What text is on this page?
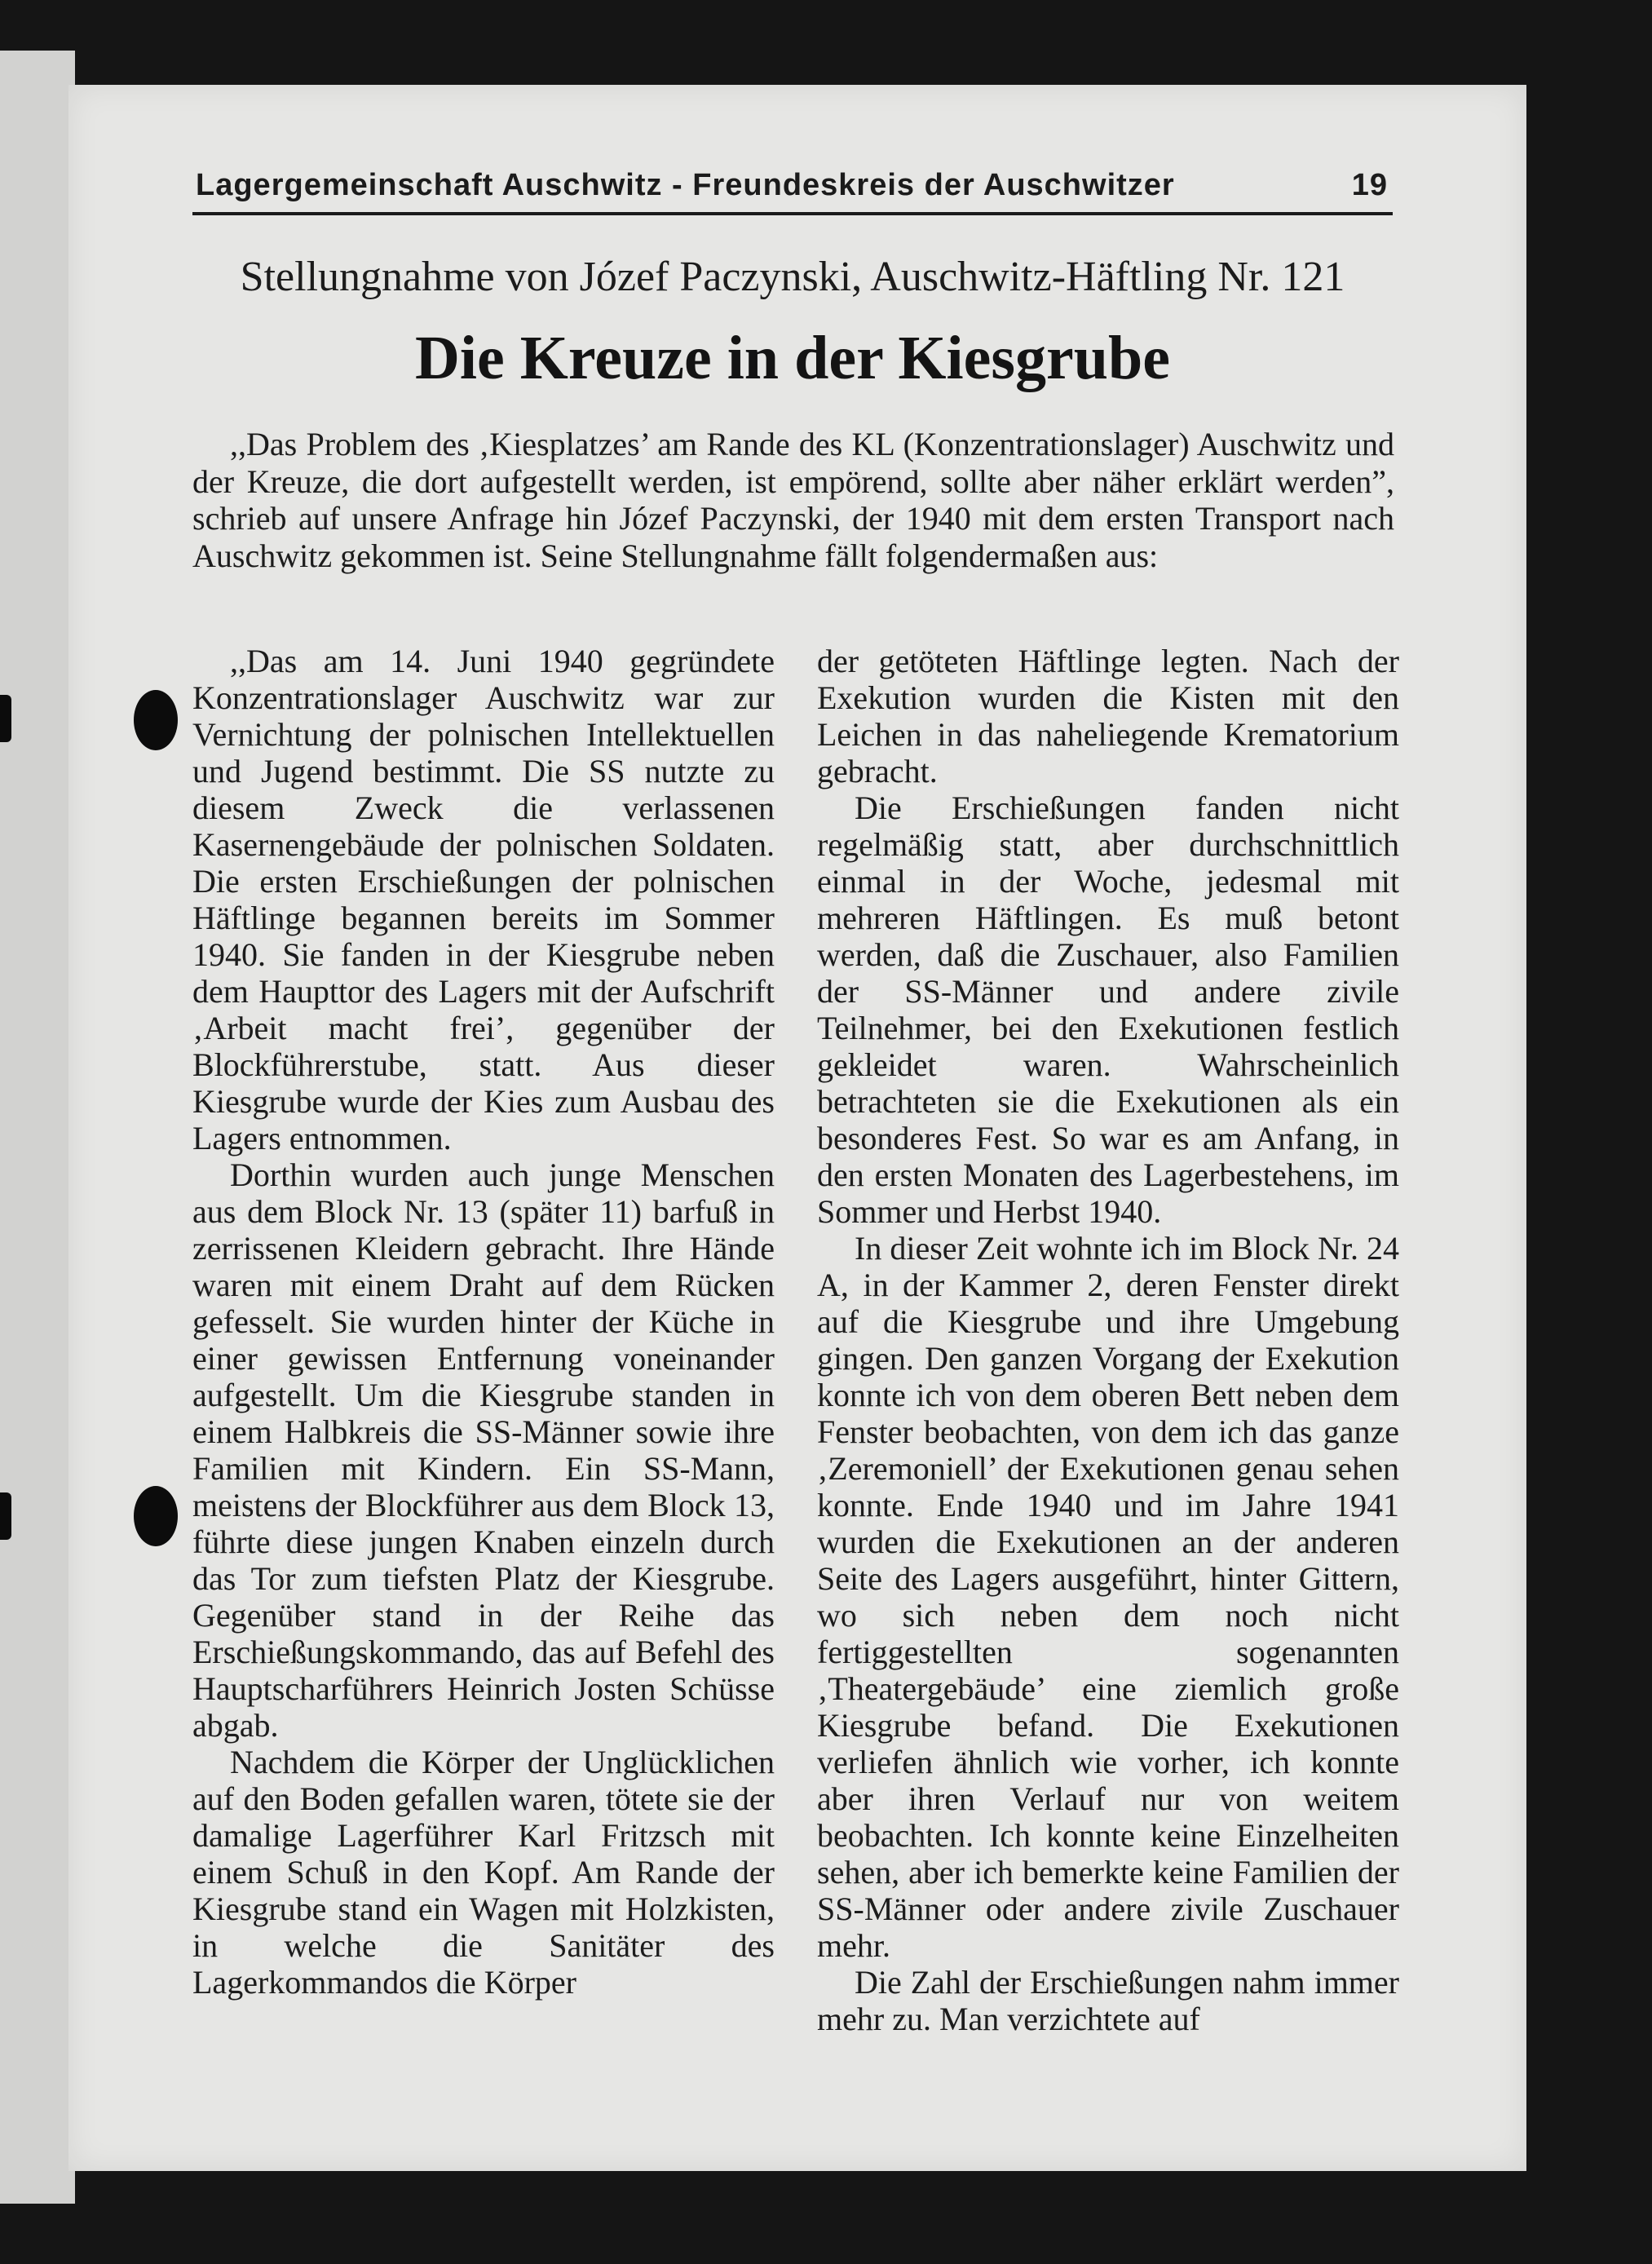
Lagergemeinschaft Auschwitz - Freundeskreis der Auschwitzer	19
Stellungnahme von Józef Paczynski, Auschwitz-Häftling Nr. 121
Die Kreuze in der Kiesgrube
,,Das Problem des ‚Kiesplatzes’ am Rande des KL (Konzentrationslager) Auschwitz und der Kreuze, die dort aufgestellt werden, ist empörend, sollte aber näher erklärt werden”, schrieb auf unsere Anfrage hin Józef Paczynski, der 1940 mit dem ersten Transport nach Auschwitz gekommen ist. Seine Stellungnahme fällt folgendermaßen aus:

,,Das am 14. Juni 1940 gegründete Konzentrationslager Auschwitz war zur Vernichtung der polnischen Intellektuellen und Jugend bestimmt. Die SS nutzte zu diesem Zweck die verlassenen Kasernengebäude der polnischen Soldaten. Die ersten Erschießungen der polnischen Häftlinge begannen bereits im Sommer 1940. Sie fanden in der Kiesgrube neben dem Haupttor des Lagers mit der Aufschrift ‚Arbeit macht frei’, gegenüber der Blockführerstube, statt. Aus dieser Kiesgrube wurde der Kies zum Ausbau des Lagers entnommen.

Dorthin wurden auch junge Menschen aus dem Block Nr. 13 (später 11) barfuß in zerrissenen Kleidern gebracht. Ihre Hände waren mit einem Draht auf dem Rücken gefesselt. Sie wurden hinter der Küche in einer gewissen Entfernung voneinander aufgestellt. Um die Kiesgrube standen in einem Halbkreis die SS-Männer sowie ihre Familien mit Kindern. Ein SS-Mann, meistens der Blockführer aus dem Block 13, führte diese jungen Knaben einzeln durch das Tor zum tiefsten Platz der Kiesgrube. Gegenüber stand in der Reihe das Erschießungskommando, das auf Befehl des Hauptscharführers Heinrich Josten Schüsse abgab.

Nachdem die Körper der Unglücklichen auf den Boden gefallen waren, tötete sie der damalige Lagerführer Karl Fritzsch mit einem Schuß in den Kopf. Am Rande der Kiesgrube stand ein Wagen mit Holzkisten, in welche die Sanitäter des Lagerkommandos die Körper

der getöteten Häftlinge legten. Nach der Exekution wurden die Kisten mit den Leichen in das naheliegende Krematorium gebracht.

Die Erschießungen fanden nicht regelmäßig statt, aber durchschnittlich einmal in der Woche, jedesmal mit mehreren Häftlingen. Es muß betont werden, daß die Zuschauer, also Familien der SS-Männer und andere zivile Teilnehmer, bei den Exekutionen festlich gekleidet waren. Wahrscheinlich betrachteten sie die Exekutionen als ein besonderes Fest. So war es am Anfang, in den ersten Monaten des Lagerbestehens, im Sommer und Herbst 1940.

In dieser Zeit wohnte ich im Block Nr. 24 A, in der Kammer 2, deren Fenster direkt auf die Kiesgrube und ihre Umgebung gingen. Den ganzen Vorgang der Exekution konnte ich von dem oberen Bett neben dem Fenster beobachten, von dem ich das ganze ‚Zeremoniell’ der Exekutionen genau sehen konnte. Ende 1940 und im Jahre 1941 wurden die Exekutionen an der anderen Seite des Lagers ausgeführt, hinter Gittern, wo sich neben dem noch nicht fertiggestellten sogenannten ‚Theatergebäude’ eine ziemlich große Kiesgrube befand. Die Exekutionen verliefen ähnlich wie vorher, ich konnte aber ihren Verlauf nur von weitem beobachten. Ich konnte keine Einzelheiten sehen, aber ich bemerkte keine Familien der SS-Männer oder andere zivile Zuschauer mehr.

Die Zahl der Erschießungen nahm immer mehr zu. Man verzichtete auf
